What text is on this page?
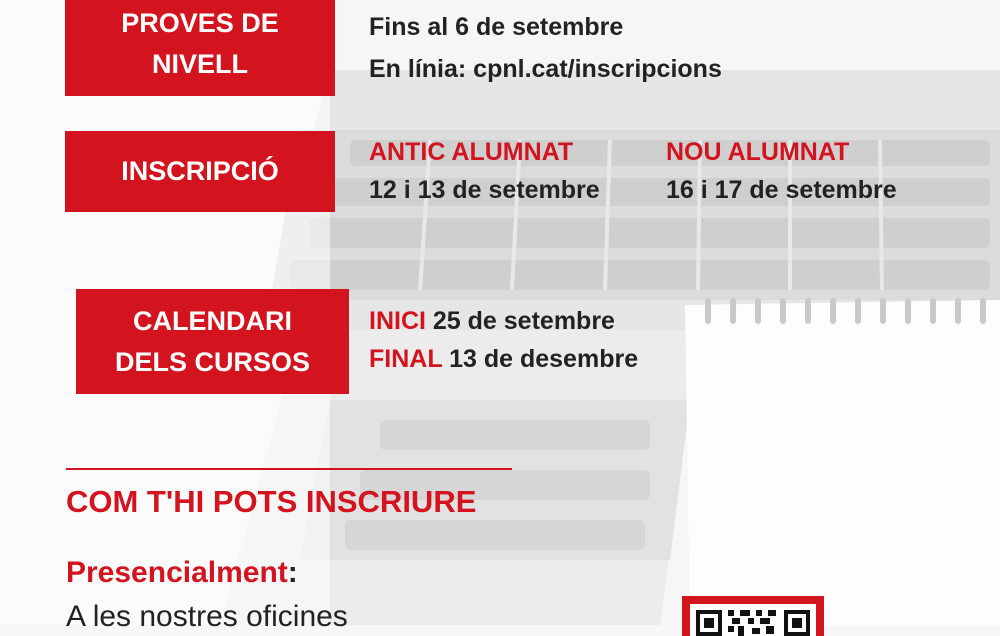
PROVES DE
NIVELL
Fins al 6 de setembre
En línia: cpnl.cat/inscripcions
INSCRIPCIÓ
ANTIC ALUMNAT
12 i 13 de setembre
NOU ALUMNAT
16 i 17 de setembre
CALENDARI
DELS CURSOS
INICI 25 de setembre
FINAL 13 de desembre
COM T'HI POTS INSCRIURE
Presencialment:
A les nostres oficines
